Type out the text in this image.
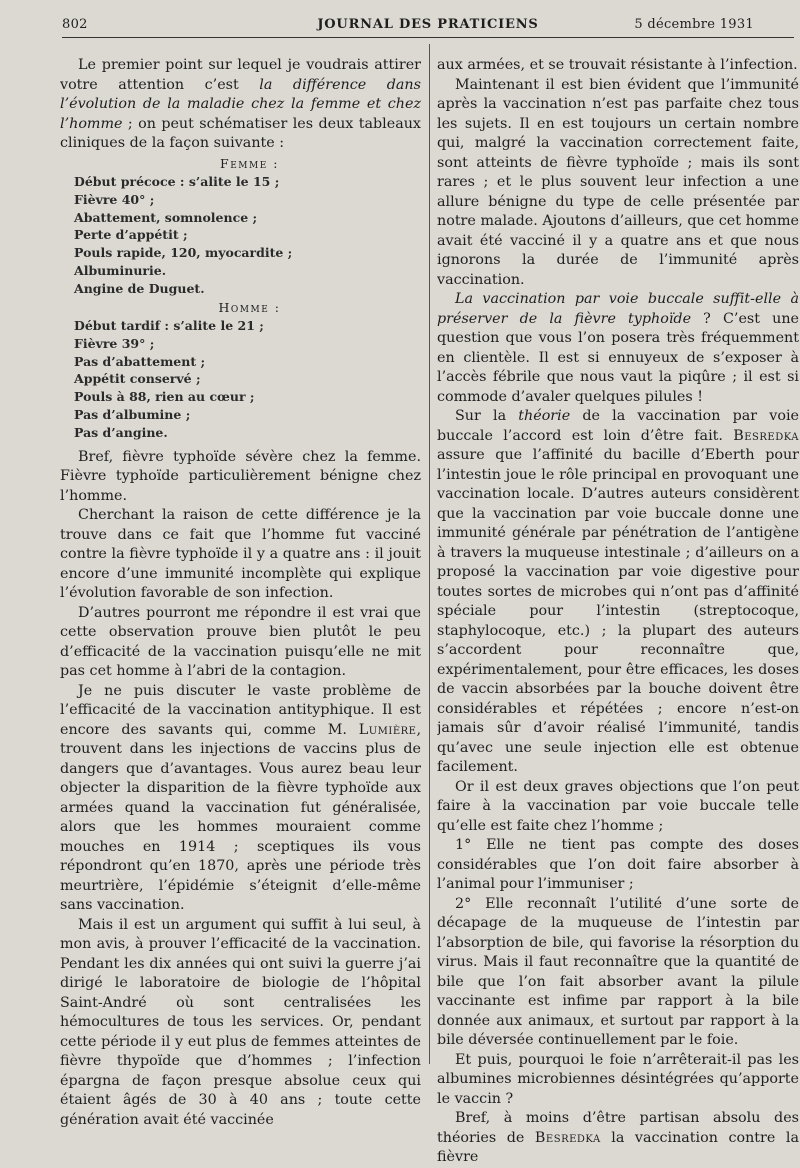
802	JOURNAL DES PRATICIENS	5 décembre 1931

Le premier point sur lequel je voudrais attirer votre attention c’est la différence dans l’évolution de la maladie chez la femme et chez l’homme ; on peut schématiser les deux tableaux cliniques de la façon suivante :

Femme :

Début précoce : s’alite le 15 ;
Fièvre 40° ;
Abattement, somnolence ;
Perte d’appétit ;
Pouls rapide, 120, myocardite ;
Albuminurie.
Angine de Duguet.

Homme :

Début tardif : s’alite le 21 ;
Fièvre 39° ;
Pas d’abattement ;
Appétit conservé ;
Pouls à 88, rien au cœur ;
Pas d’albumine ;
Pas d’angine.

Bref, fièvre typhoïde sévère chez la femme. Fièvre typhoïde particulièrement bénigne chez l’homme.

Cherchant la raison de cette différence je la trouve dans ce fait que l’homme fut vacciné contre la fièvre typhoïde il y a quatre ans : il jouit encore d’une immunité incomplète qui explique l’évolution favorable de son infection.

D’autres pourront me répondre il est vrai que cette observation prouve bien plutôt le peu d’efficacité de la vaccination puisqu’elle ne mit pas cet homme à l’abri de la contagion.

Je ne puis discuter le vaste problème de l’efficacité de la vaccination antityphique. Il est encore des savants qui, comme M. Lumière, trouvent dans les injections de vaccins plus de dangers que d’avantages. Vous aurez beau leur objecter la disparition de la fièvre typhoïde aux armées quand la vaccination fut généralisée, alors que les hommes mouraient comme mouches en 1914 ; sceptiques ils vous répondront qu’en 1870, après une période très meurtrière, l’épidémie s’éteignit d’elle-même sans vaccination.

Mais il est un argument qui suffit à lui seul, à mon avis, à prouver l’efficacité de la vaccination. Pendant les dix années qui ont suivi la guerre j’ai dirigé le laboratoire de biologie de l’hôpital Saint-André où sont centralisées les hémocultures de tous les services. Or, pendant cette période il y eut plus de femmes atteintes de fièvre thypoïde que d’hommes ; l’infection épargna de façon presque absolue ceux qui étaient âgés de 30 à 40 ans ; toute cette génération avait été vaccinée

aux armées, et se trouvait résistante à l’infection.

Maintenant il est bien évident que l’immunité après la vaccination n’est pas parfaite chez tous les sujets. Il en est toujours un certain nombre qui, malgré la vaccination correctement faite, sont atteints de fièvre typhoïde ; mais ils sont rares ; et le plus souvent leur infection a une allure bénigne du type de celle présentée par notre malade. Ajoutons d’ailleurs, que cet homme avait été vacciné il y a quatre ans et que nous ignorons la durée de l’immunité après vaccination.

La vaccination par voie buccale suffit-elle à préserver de la fièvre typhoïde ? C’est une question que vous l’on posera très fréquemment en clientèle. Il est si ennuyeux de s’exposer à l’accès fébrile que nous vaut la piqûre ; il est si commode d’avaler quelques pilules !

Sur la théorie de la vaccination par voie buccale l’accord est loin d’être fait. Besredka assure que l’affinité du bacille d’Eberth pour l’intestin joue le rôle principal en provoquant une vaccination locale. D’autres auteurs considèrent que la vaccination par voie buccale donne une immunité générale par pénétration de l’antigène à travers la muqueuse intestinale ; d’ailleurs on a proposé la vaccination par voie digestive pour toutes sortes de microbes qui n’ont pas d’affinité spéciale pour l’intestin (streptocoque, staphylocoque, etc.) ; la plupart des auteurs s’accordent pour reconnaître que, expérimentalement, pour être efficaces, les doses de vaccin absorbées par la bouche doivent être considérables et répétées ; encore n’est-on jamais sûr d’avoir réalisé l’immunité, tandis qu’avec une seule injection elle est obtenue facilement.

Or il est deux graves objections que l’on peut faire à la vaccination par voie buccale telle qu’elle est faite chez l’homme ;

1° Elle ne tient pas compte des doses considérables que l’on doit faire absorber à l’animal pour l’immuniser ;

2° Elle reconnaît l’utilité d’une sorte de décapage de la muqueuse de l’intestin par l’absorption de bile, qui favorise la résorption du virus. Mais il faut reconnaître que la quantité de bile que l’on fait absorber avant la pilule vaccinante est infime par rapport à la bile donnée aux animaux, et surtout par rapport à la bile déversée continuellement par le foie.

Et puis, pourquoi le foie n’arrêterait-il pas les albumines microbiennes désintégrées qu’apporte le vaccin ?

Bref, à moins d’être partisan absolu des théories de Besredka la vaccination contre la fièvre
